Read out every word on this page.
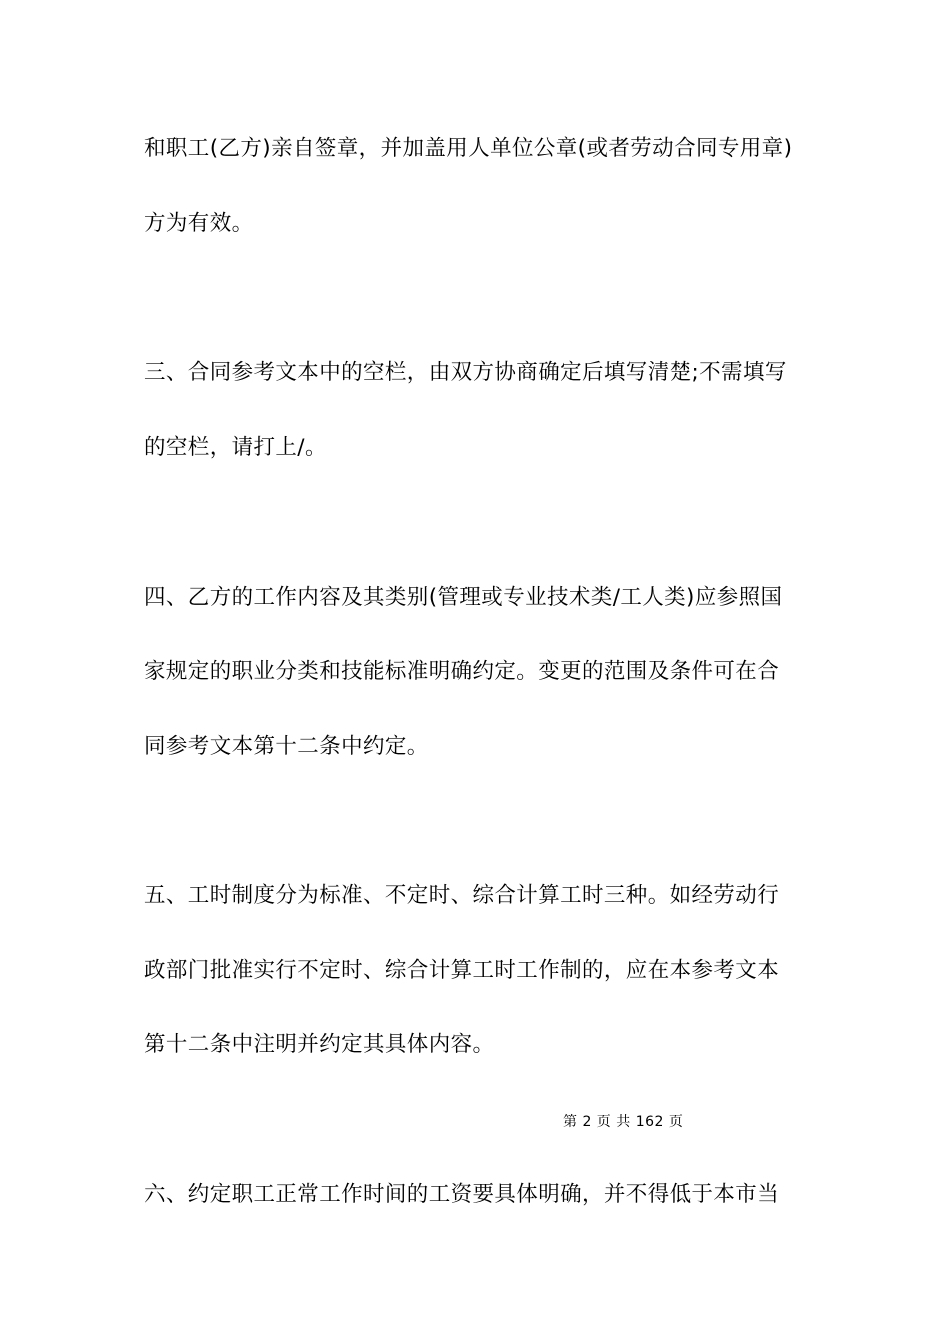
和职工(乙方)亲自签章，并加盖用人单位公章(或者劳动合同专用章)
方为有效。
三、合同参考文本中的空栏，由双方协商确定后填写清楚;不需填写
的空栏，请打上/。
四、乙方的工作内容及其类别(管理或专业技术类/工人类)应参照国
家规定的职业分类和技能标准明确约定。变更的范围及条件可在合
同参考文本第十二条中约定。
五、工时制度分为标准、不定时、综合计算工时三种。如经劳动行
政部门批准实行不定时、综合计算工时工作制的，应在本参考文本
第十二条中注明并约定其具体内容。
第 2 页 共 162 页
六、约定职工正常工作时间的工资要具体明确，并不得低于本市当
